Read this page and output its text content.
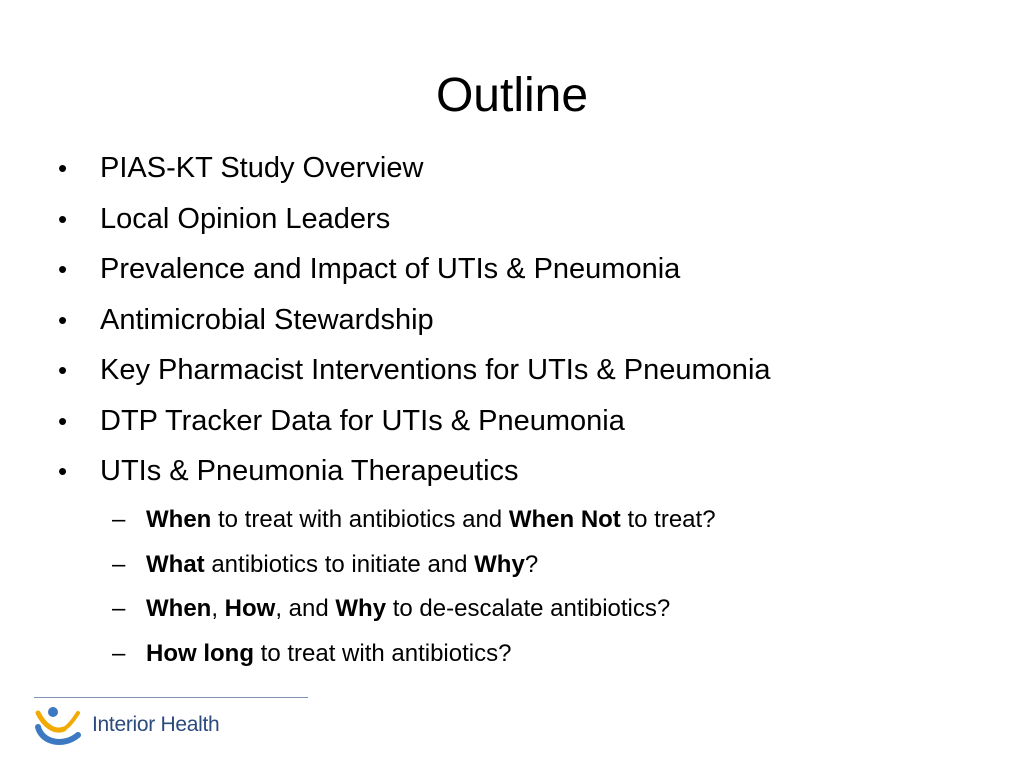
Outline
•	PIAS-KT Study Overview
•	Local Opinion Leaders
•	Prevalence and Impact of UTIs & Pneumonia
•	Antimicrobial Stewardship
•	Key Pharmacist Interventions for UTIs & Pneumonia
•	DTP Tracker Data for UTIs & Pneumonia
•	UTIs & Pneumonia Therapeutics
– When to treat with antibiotics and When Not to treat?
– What antibiotics to initiate and Why?
– When, How, and Why to de-escalate antibiotics?
– How long to treat with antibiotics?
Interior Health
